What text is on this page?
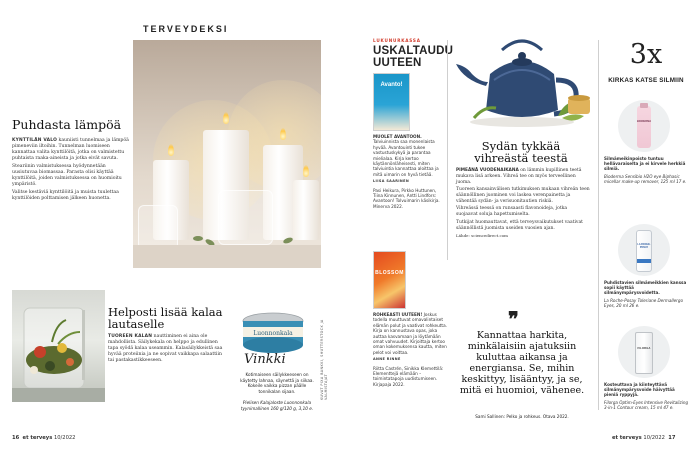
TERVEYDEKSI
Puhdasta lämpöä

KYNTTILÄN VALO kauniisti tunnelmaa ja lämpöä pimeneviin iltoihin. Tunnelman luomiseen kannattaa valita kynttilöitä, jotka on valmistettu puhtaista raaka-aineista ja jotka eivät savuta.

Steariinin valmistuksessa hyödynnetään uusiutuvaa biomassaa. Parasta olisi käyttää kynttilöitä, joiden valmistuksessa on huomioitu ympäristö.

Valitse kestäviä kynttilöitä ja muista tuulettaa kynttilöiden polttamisen jälkeen huonetta.

Helposti lisää kalaa lautaselle
TUOREEN KALAN nauttiminen ei aina ole mahdollista. Säilykekala on helppo ja edullinen tapa syödä kalaa useammin. Kalasäilykkeistä saa hyvää proteiinia ja ne sopivat vaikkapa salaattiin tai pastakastikkeeseen.
Luonnonkala
Vinkki
Kotimaiseen säilykkeeseen on käytetty lahnaa, säynettä ja siikaa. Kokeile vaikka pizzan päälle tonnikalan sijaan.

Pielisen Kalajaloste Luonnonkala tyynimallinen 160 g/120 g, 3,10 e.
KUVAT PIXA BANKKI, SHUTTERSTOCK JA VALMISTAJAT
16 et terveys 10/2022
LUKUNURKASSA
USKALTAUDU UUTEEN
Avanto!
MUOLET AVANTOON. Talviuinnista saa monenlaista hyvää. Avantouinti tukee vastustuskykyä ja parantaa mielialaa. Kirja kertoo käytännönläheisesti, miten talviuintia kannattaa aloittaa ja mitä uimarin on hyvä tietää.
LIISA SAARINEN
Pasi Heikura, Pirkko Huttunen, Tiina Kinnunen, Antti Lindfors: Avantoon! Tolvuimarin käsikirja. Minerva 2022.
BLOSSOM
ROHKEASTI UUTEEN! Joskus todella muuttuvat omavalintaiset elämän polut ja vaativat rohkeutta. Kirja on kannustava opas, joka auttaa kasvamaan ja löytämään omat vahvuudet. Kirjoittaja kertoo oman kokemuksensa kautta, miten pelot voi voittaa.
ANNE RINNE
Riitta Castrén, Sinikka Klemettilä: Elementtejä elämään – toimintatapoja uudistumiseen. Kirjapaja 2022.
Sydän tykkää vihreästä teestä

PIMEÄNÄ VUODENAIKANA on lämmin kupillinen teetä mukava lisä arkeen. Vihreä tee on myös terveellinen juoma.

Tuoreen kansainvälisen tutkimuksen mukaan vihreän teen säännöllinen juominen voi laskea verenpainetta ja vähentää sydän- ja verisuonitautien riskiä.

Vihreässä teessä on runsaasti flavonoideja, jotka suojaavat soluja hapettumiselta.

Tutkijat huomauttavat, että terveysvaikutukset vaativat säännöllistä juomista useiden vuosien ajan.

Lähde: sciencedirect.com

❞
Kannattaa harkita, minkälaisiin ajatuksiin kuluttaa aikansa ja energiansa. Se, mihin keskittyy, lisääntyy, ja se, mitä ei huomioi, vähenee.
Sami Sallinen: Pelko ja rohkeus. Otava 2022.
3x
KIRKAS KATSE SILMIIN
BIODERMA
Silmämeikinpoisto tuntuu hellävaraiselta ja ei kirvele herkkiä silmiä.
Bioderma Sensibio H2O eye Biphasic micellar make-up remover, 125 ml 17 e.
LA ROCHE-POSAY
Puhdistavien silmämeikkien kanssa sopii käyttää silmänympärysvoidetta.
La Roche-Posay Toleriane Dermallergo Eyes, 20 ml 26 e.
FILORGA
Kosteuttava ja kiinteyttävä silmänympärysvoide häivyttää pieniä ryppyjä.
Filorga Optim-Eyes Intensive Revitalizing 3-in-1 Contour cream, 15 ml 47 e.
et terveys 10/2022 17
